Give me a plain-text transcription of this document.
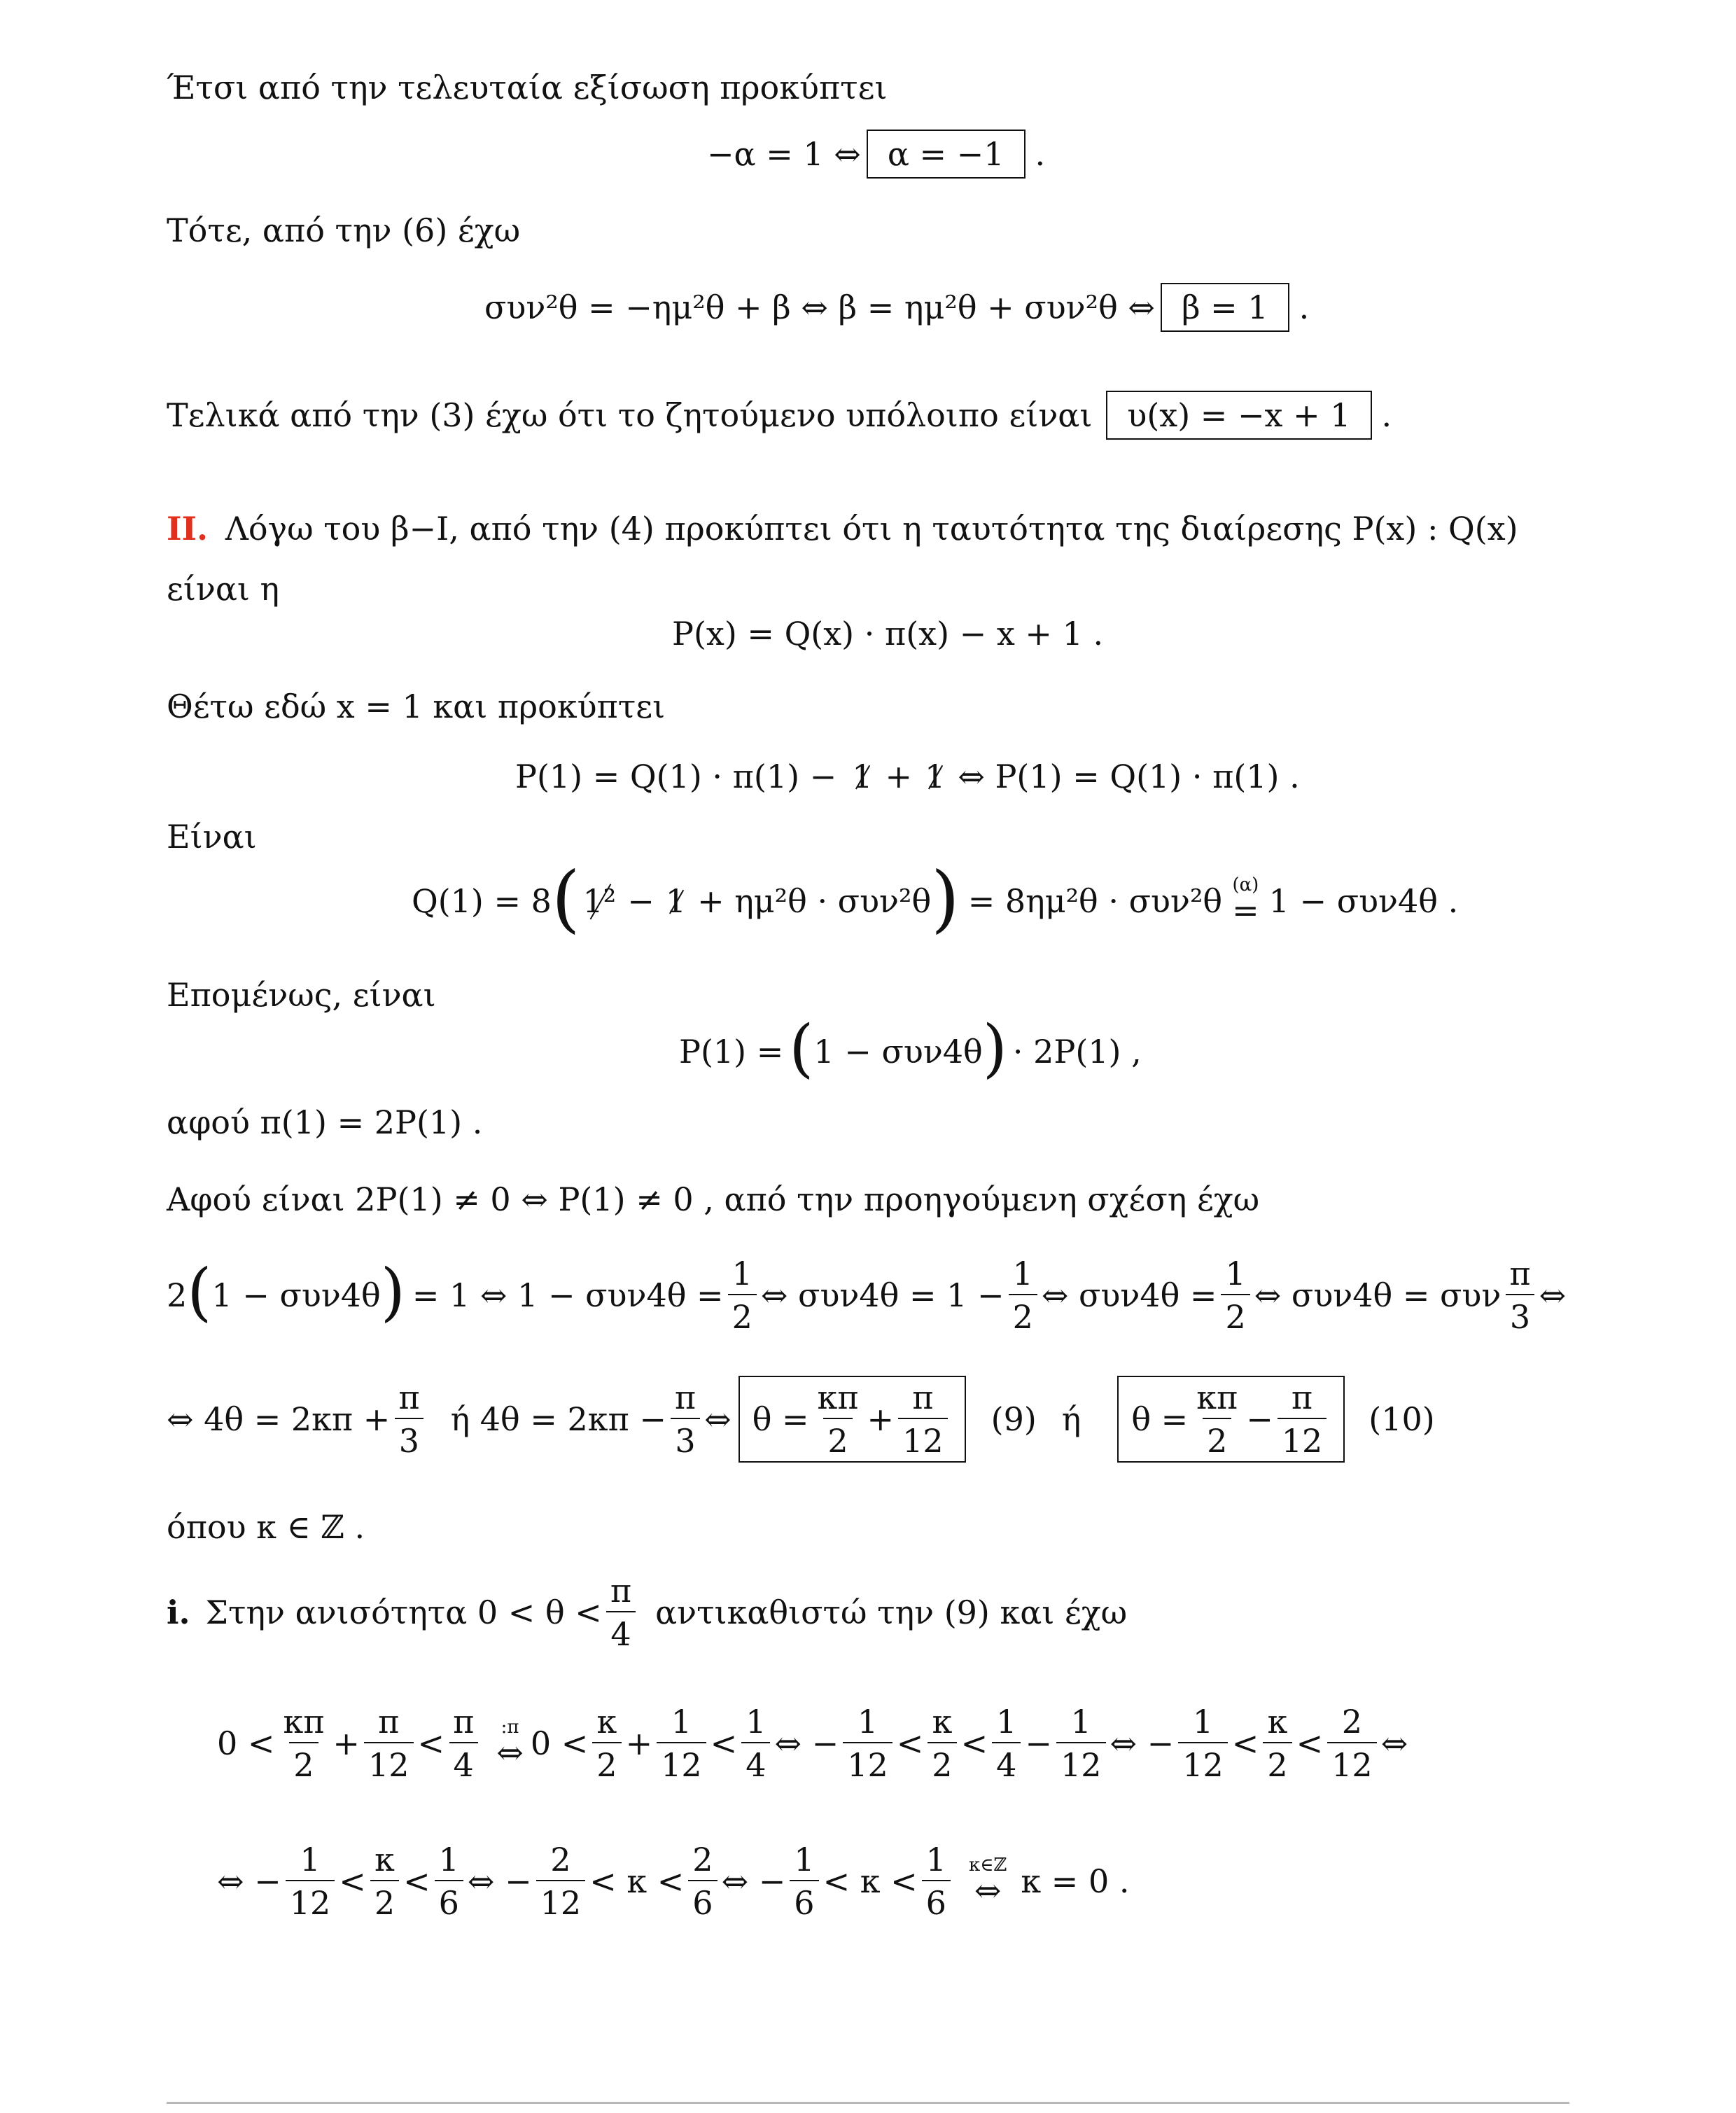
Έτσι από την τελευταία εξίσωση προκύπτει
−α = 1 ⇔ α = −1 .
Τότε, από την (6) έχω
συν²θ = −ημ²θ + β ⇔ β = ημ²θ + συν²θ ⇔ β = 1 .
Τελικά από την (3) έχω ότι το ζητούμενο υπόλοιπο είναι υ(x) = −x + 1 .
II. Λόγω του β−Ι, από την (4) προκύπτει ότι η ταυτότητα της διαίρεσης P(x) : Q(x)
είναι η
P(x) = Q(x) · π(x) − x + 1 .
Θέτω εδώ x = 1 και προκύπτει
P(1) = Q(1) · π(1) − 1 + 1 ⇔ P(1) = Q(1) · π(1) .
Είναι
Q(1) = 8 ( 1² − 1 + ημ²θ · συν²θ ) = 8ημ²θ · συν²θ (α)
= 1 − συν4θ .
Επομένως, είναι
P(1) = ( 1 − συν4θ ) · 2P(1) ,
αφού π(1) = 2P(1) .
Αφού είναι 2P(1) ≠ 0 ⇔ P(1) ≠ 0 , από την προηγούμενη σχέση έχω
2 ( 1 − συν4θ ) = 1 ⇔ $1 - \sigma\upsilon\nu 4\theta = \frac{1}{2}$ ⇔ $\sigma\upsilon\nu 4\theta = 1 - \frac{1}{2}$ ⇔ $\sigma\upsilon\nu 4\theta = \frac{1}{2}$ ⇔ συν4θ = συν $\frac{\pi}{3}$ ⇔
⇔ $4\theta = 2\kappa\pi + \frac{\pi}{3}$ ή $4\theta = 2\kappa\pi - \frac{\pi}{3}$ ⇔ $\theta = \frac{\kappa\pi}{2} + \frac{\pi}{12} (9)$ ή $\theta = \frac{\kappa\pi}{2} - \frac{\pi}{12} (10)$
όπου κ ∈ ℤ .
i. Στην ανισότητα $0 < \theta < \frac{\pi}{4}$ αντικαθιστώ την (9) και έχω
$0 < \frac{\kappa\pi}{2} + \frac{\pi}{12} < \frac{\pi}{4}$ :π
⇔ $0 < \frac{\kappa}{2} + \frac{1}{12} < \frac{1}{4}$ ⇔ − $\frac{1}{12} < \frac{\kappa}{2} < \frac{1}{4} - \frac{1}{12}$ ⇔ − $\frac{1}{12} < \frac{\kappa}{2} < \frac{2}{12}$ ⇔
⇔ − $\frac{1}{12} < \frac{\kappa}{2} < \frac{1}{6}$ ⇔ − $\frac{2}{12} < \kappa < \frac{2}{6}$ ⇔ − $\frac{1}{6} < \kappa < \frac{1}{6}$ κ∈ℤ
⇔ κ = 0 .
